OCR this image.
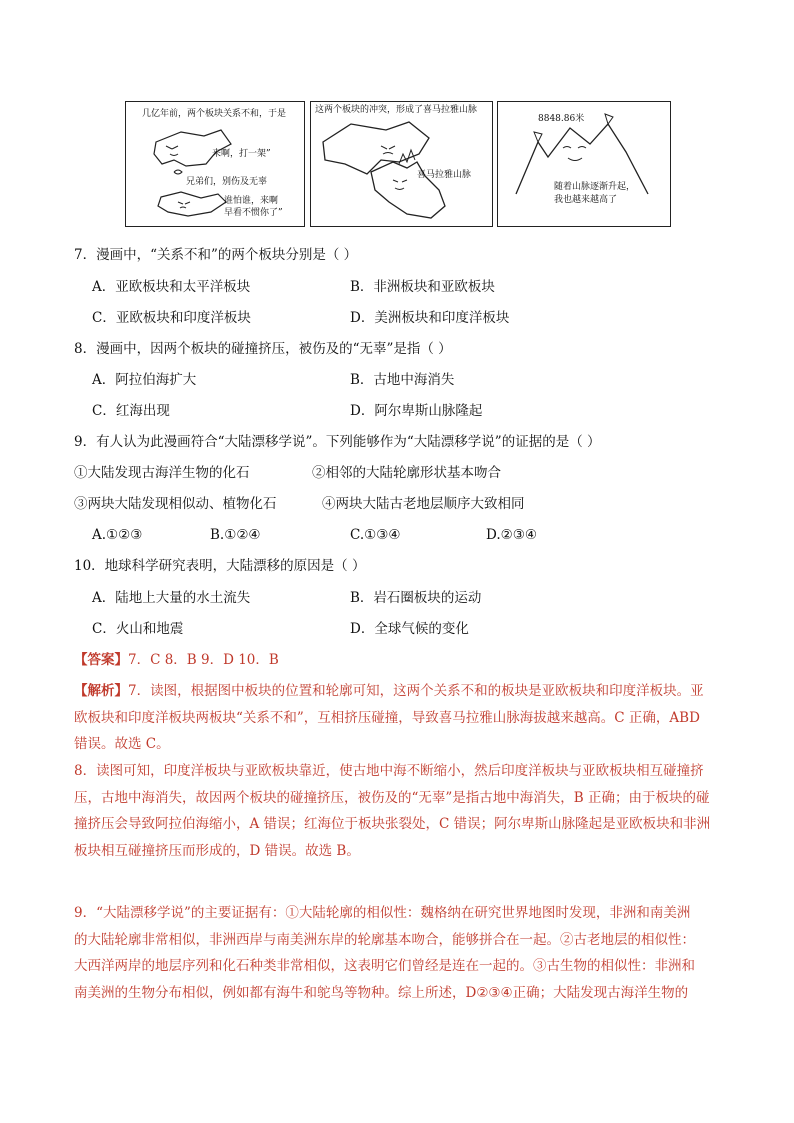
几亿年前，两个板块关系不和，于是
来啊，打一架”
兄弟们，别伤及无辜
谁怕谁，来啊
早看不惯你了”
这两个板块的冲突，形成了喜马拉雅山脉
喜马拉雅山脉
8848.86米
随着山脉逐渐升起，
我也越来越高了
7．漫画中，“关系不和”的两个板块分别是（ ）
A．亚欧板块和太平洋板块	B．非洲板块和亚欧板块
C．亚欧板块和印度洋板块	D．美洲板块和印度洋板块
8．漫画中，因两个板块的碰撞挤压，被伤及的“无辜”是指（ ）
A．阿拉伯海扩大	B．古地中海消失
C．红海出现	D．阿尔卑斯山脉隆起
9．有人认为此漫画符合“大陆漂移学说”。下列能够作为“大陆漂移学说”的证据的是（ ）
①大陆发现古海洋生物的化石	②相邻的大陆轮廓形状基本吻合
③两块大陆发现相似动、植物化石	④两块大陆古老地层顺序大致相同
A.①②③	B.①②④	C.①③④	D.②③④
10．地球科学研究表明，大陆漂移的原因是（ ）
A．陆地上大量的水土流失	B．岩石圈板块的运动
C．火山和地震	D．全球气候的变化
【答案】7．C 8．B 9．D 10．B
【解析】7．读图，根据图中板块的位置和轮廓可知，这两个关系不和的板块是亚欧板块和印度洋板块。亚
欧板块和印度洋板块两板块“关系不和”，互相挤压碰撞，导致喜马拉雅山脉海拔越来越高。C 正确，ABD
错误。故选 C。
8．读图可知，印度洋板块与亚欧板块靠近，使古地中海不断缩小，然后印度洋板块与亚欧板块相互碰撞挤
压，古地中海消失，故因两个板块的碰撞挤压，被伤及的“无辜”是指古地中海消失，B 正确；由于板块的碰
撞挤压会导致阿拉伯海缩小，A 错误；红海位于板块张裂处，C 错误；阿尔卑斯山脉隆起是亚欧板块和非洲
板块相互碰撞挤压而形成的，D 错误。故选 B。
9．“大陆漂移学说”的主要证据有：①大陆轮廓的相似性：魏格纳在研究世界地图时发现，非洲和南美洲
的大陆轮廓非常相似，非洲西岸与南美洲东岸的轮廓基本吻合，能够拼合在一起。②古老地层的相似性：
大西洋两岸的地层序列和化石种类非常相似，这表明它们曾经是连在一起的。③古生物的相似性：非洲和
南美洲的生物分布相似，例如都有海牛和鸵鸟等物种。综上所述，D②③④正确；大陆发现古海洋生物的
